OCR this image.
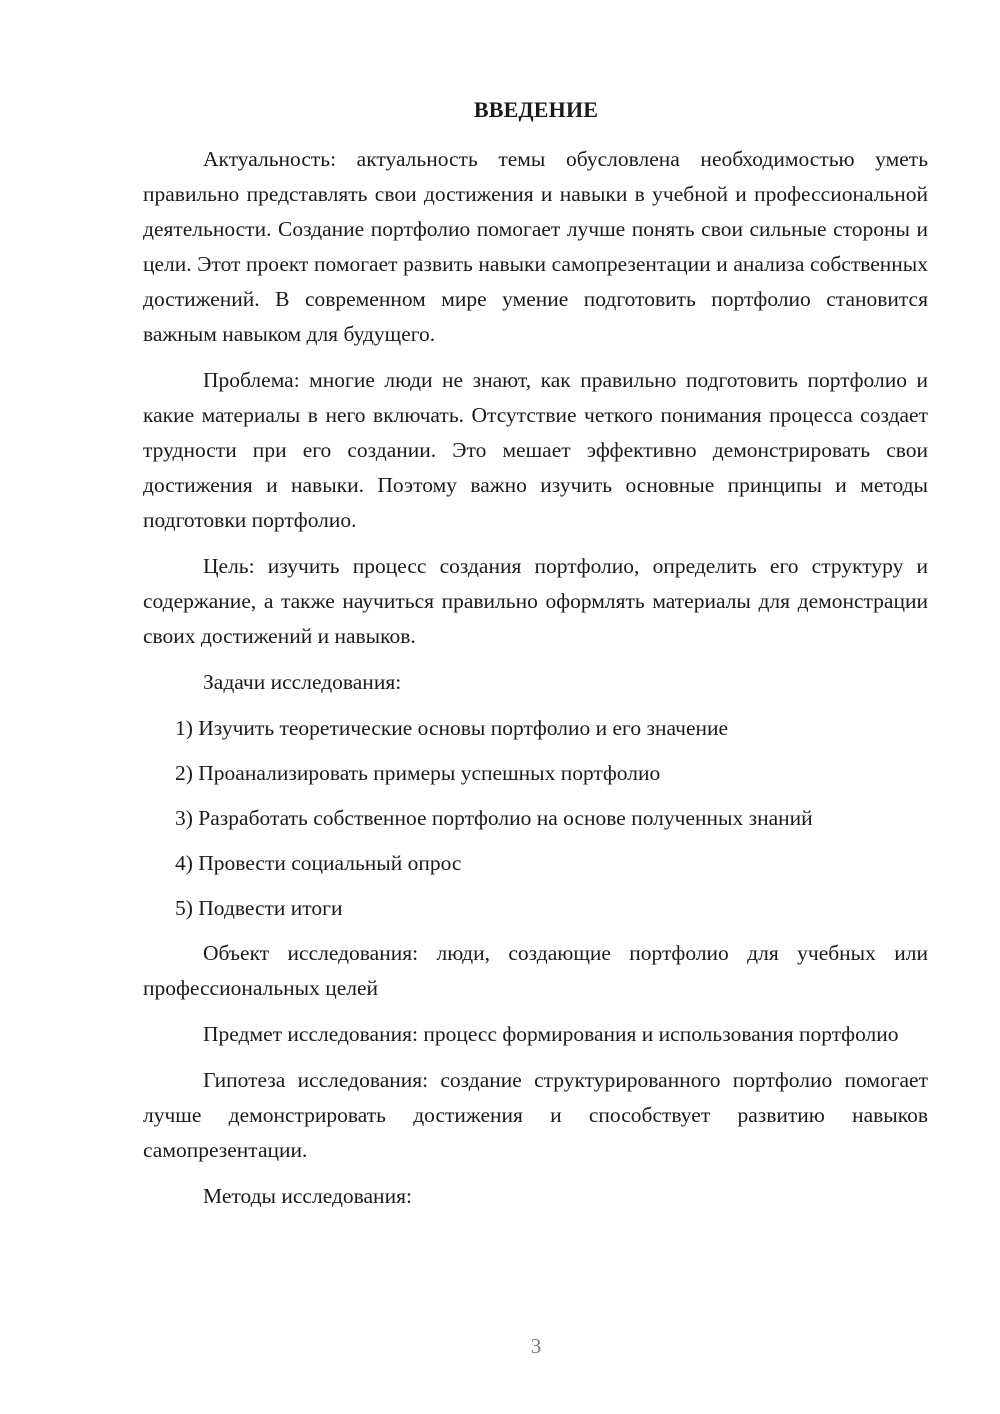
ВВЕДЕНИЕ

Актуальность: актуальность темы обусловлена необходимостью уметь правильно представлять свои достижения и навыки в учебной и профессиональной деятельности. Создание портфолио помогает лучше понять свои сильные стороны и цели. Этот проект помогает развить навыки самопрезентации и анализа собственных достижений. В современном мире умение подготовить портфолио становится важным навыком для будущего.

Проблема: многие люди не знают, как правильно подготовить портфолио и какие материалы в него включать. Отсутствие четкого понимания процесса создает трудности при его создании. Это мешает эффективно демонстрировать свои достижения и навыки. Поэтому важно изучить основные принципы и методы подготовки портфолио.

Цель: изучить процесс создания портфолио, определить его структуру и содержание, а также научиться правильно оформлять материалы для демонстрации своих достижений и навыков.

Задачи исследования:

1) Изучить теоретические основы портфолио и его значение

2) Проанализировать примеры успешных портфолио

3) Разработать собственное портфолио на основе полученных знаний

4) Провести социальный опрос

5) Подвести итоги

Объект исследования: люди, создающие портфолио для учебных или профессиональных целей

Предмет исследования: процесс формирования и использования портфолио

Гипотеза исследования: создание структурированного портфолио помогает лучше демонстрировать достижения и способствует развитию навыков самопрезентации.

Методы исследования:

3
